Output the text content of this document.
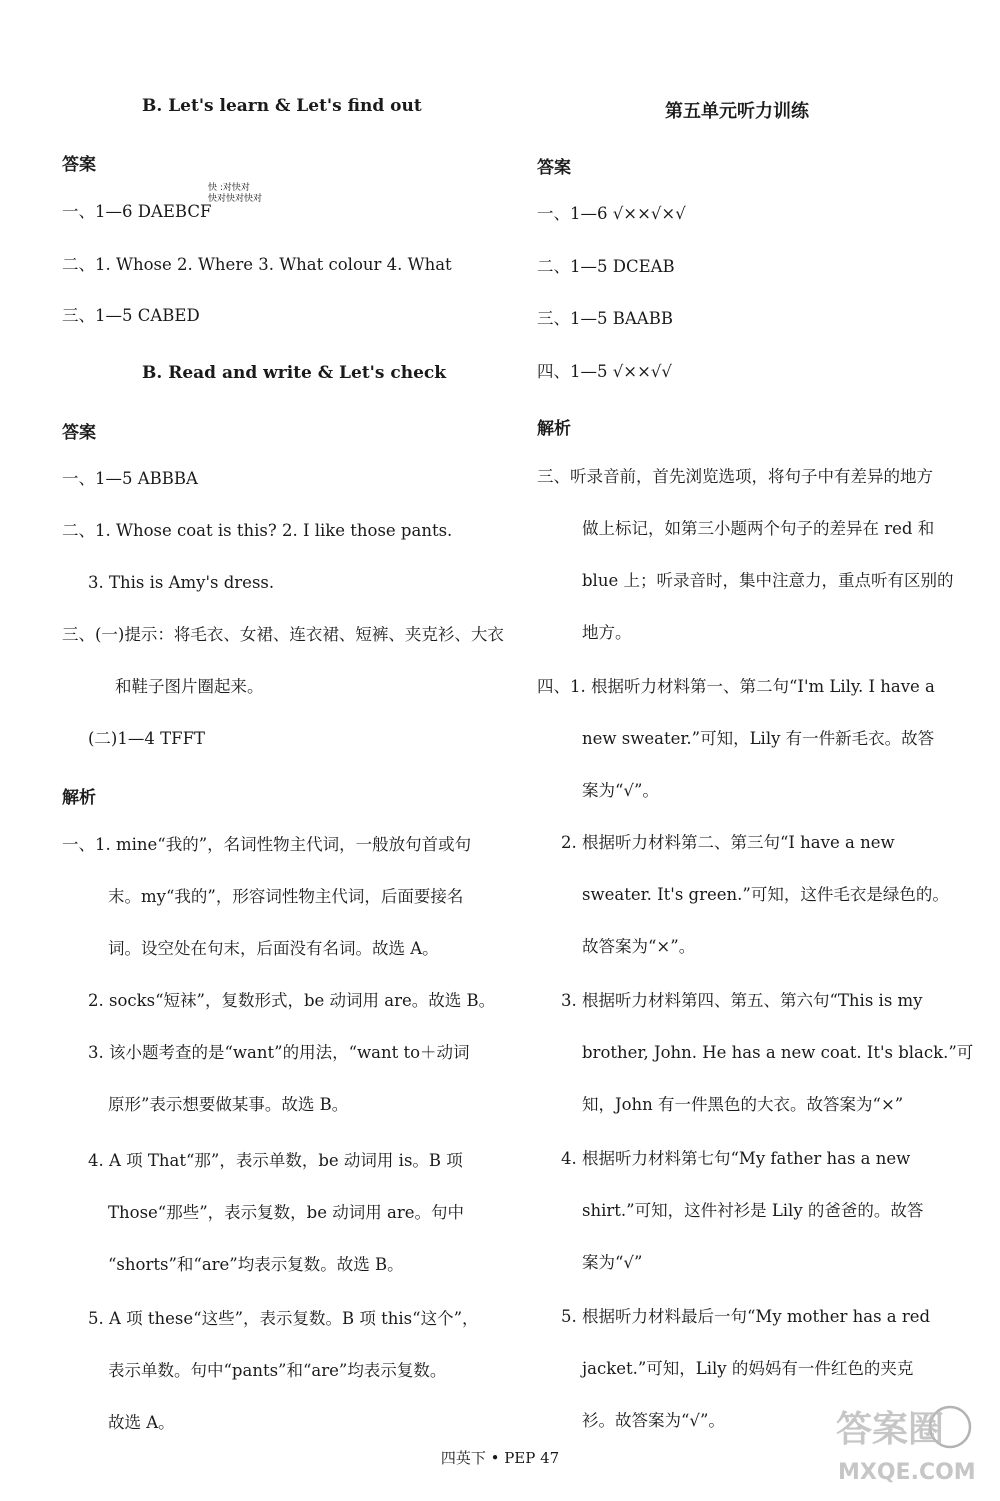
B. Let's learn & Let's find out
答案
快 :对快对
快对快对快对
一、1—6 DAEBCF
二、1. Whose 2. Where 3. What colour 4. What
三、1—5 CABED
B. Read and write & Let's check
答案
一、1—5 ABBBA
二、1. Whose coat is this? 2. I like those pants.
3. This is Amy's dress.
三、(一)提示：将毛衣、女裙、连衣裙、短裤、夹克衫、大衣
和鞋子图片圈起来。
(二)1—4 TFFT
解析
一、1. mine“我的”，名词性物主代词，一般放句首或句
末。my“我的”，形容词性物主代词，后面要接名
词。设空处在句末，后面没有名词。故选 A。
2. socks“短袜”，复数形式，be 动词用 are。故选 B。
3. 该小题考查的是“want”的用法，“want to＋动词
原形”表示想要做某事。故选 B。
4. A 项 That“那”，表示单数，be 动词用 is。B 项
Those“那些”，表示复数，be 动词用 are。句中
“shorts”和“are”均表示复数。故选 B。
5. A 项 these“这些”，表示复数。B 项 this“这个”，
表示单数。句中“pants”和“are”均表示复数。
故选 A。
第五单元听力训练
答案
一、1—6 √××√×√
二、1—5 DCEAB
三、1—5 BAABB
四、1—5 √××√√
解析
三、听录音前，首先浏览选项，将句子中有差异的地方
做上标记，如第三小题两个句子的差异在 red 和
blue 上；听录音时，集中注意力，重点听有区别的
地方。
四、1. 根据听力材料第一、第二句“I'm Lily. I have a
new sweater.”可知，Lily 有一件新毛衣。故答
案为“√”。
2. 根据听力材料第二、第三句“I have a new
sweater. It's green.”可知，这件毛衣是绿色的。
故答案为“×”。
3. 根据听力材料第四、第五、第六句“This is my
brother, John. He has a new coat. It's black.”可
知，John 有一件黑色的大衣。故答案为“×”
4. 根据听力材料第七句“My father has a new
shirt.”可知，这件衬衫是 Lily 的爸爸的。故答
案为“√”
5. 根据听力材料最后一句“My mother has a red
jacket.”可知，Lily 的妈妈有一件红色的夹克
衫。故答案为“√”。
四英下 • PEP 47
答案圈
MXQE.COM
